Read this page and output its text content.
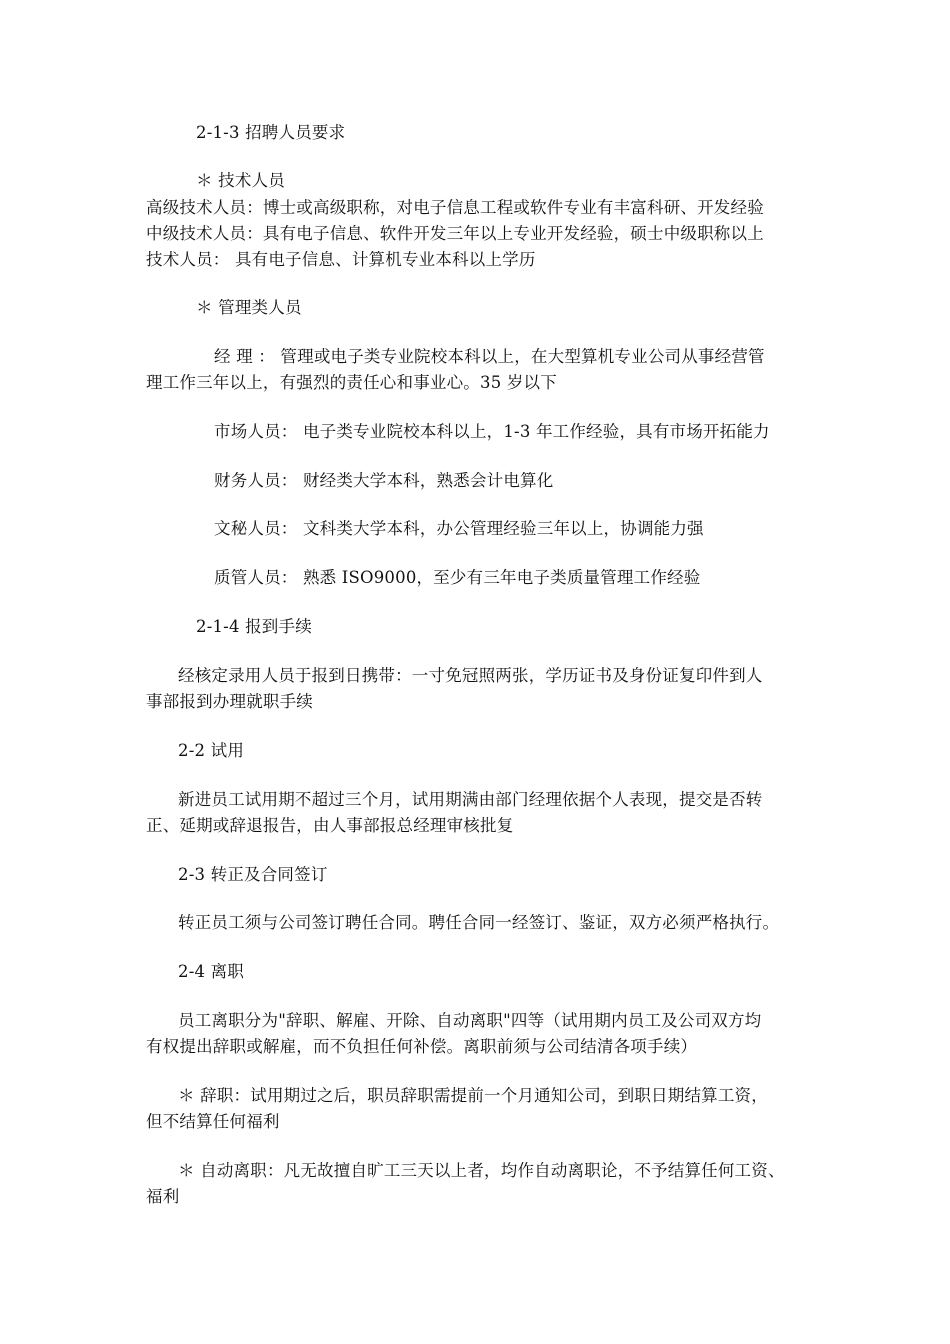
2-1-3 招聘人员要求
＊ 技术人员
高级技术人员：博士或高级职称，对电子信息工程或软件专业有丰富科研、开发经验
中级技术人员：具有电子信息、软件开发三年以上专业开发经验，硕士中级职称以上
技术人员： 具有电子信息、计算机专业本科以上学历
＊ 管理类人员
经 理 ： 管理或电子类专业院校本科以上，在大型算机专业公司从事经营管
理工作三年以上，有强烈的责任心和事业心。35 岁以下
市场人员： 电子类专业院校本科以上，1-3 年工作经验，具有市场开拓能力
财务人员： 财经类大学本科，熟悉会计电算化
文秘人员： 文科类大学本科，办公管理经验三年以上，协调能力强
质管人员： 熟悉 ISO9000，至少有三年电子类质量管理工作经验
2-1-4 报到手续
经核定录用人员于报到日携带：一寸免冠照两张，学历证书及身份证复印件到人
事部报到办理就职手续
2-2 试用
新进员工试用期不超过三个月，试用期满由部门经理依据个人表现，提交是否转
正、延期或辞退报告，由人事部报总经理审核批复
2-3 转正及合同签订
转正员工须与公司签订聘任合同。聘任合同一经签订、鉴证，双方必须严格执行。
2-4 离职
员工离职分为"辞职、解雇、开除、自动离职"四等（试用期内员工及公司双方均
有权提出辞职或解雇，而不负担任何补偿。离职前须与公司结清各项手续）
＊ 辞职：试用期过之后，职员辞职需提前一个月通知公司，到职日期结算工资，
但不结算任何福利
＊ 自动离职：凡无故擅自旷工三天以上者，均作自动离职论，不予结算任何工资、
福利
